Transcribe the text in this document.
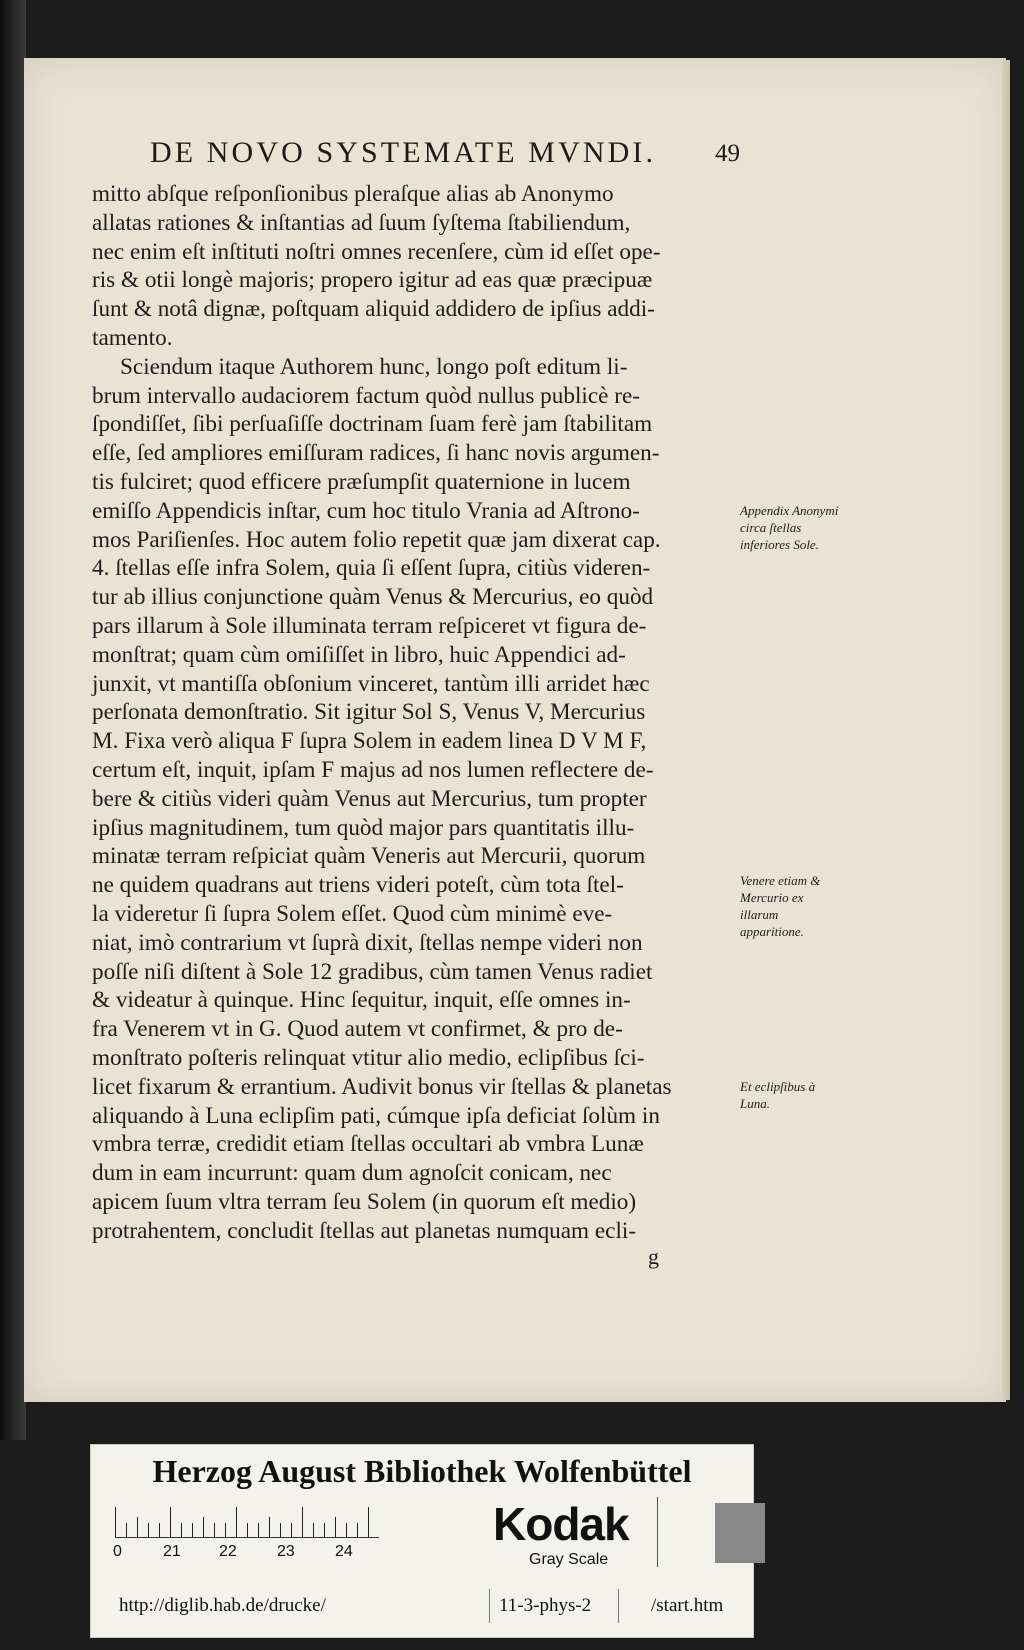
DE NOVO SYSTEMATE MVNDI. 49
mitto abſque reſponſionibus pleraſque alias ab Anonymo
allatas rationes & inſtantias ad ſuum ſyſtema ſtabiliendum,
nec enim eſt inſtituti noſtri omnes recenſere, cùm id eſſet ope-
ris & otii longè majoris; propero igitur ad eas quæ præcipuæ
ſunt & notâ dignæ, poſtquam aliquid addidero de ipſius addi-
tamento.
Sciendum itaque Authorem hunc, longo poſt editum li-
brum intervallo audaciorem factum quòd nullus publicè re-
ſpondiſſet, ſibi perſuaſiſſe doctrinam ſuam ferè jam ſtabilitam
eſſe, ſed ampliores emiſſuram radices, ſi hanc novis argumen-
tis fulciret; quod efficere præſumpſit quaternione in lucem
emiſſo Appendicis inſtar, cum hoc titulo Vrania ad Aſtrono-
mos Pariſienſes. Hoc autem folio repetit quæ jam dixerat cap.
4. ſtellas eſſe infra Solem, quia ſi eſſent ſupra, citiùs videren-
tur ab illius conjunctione quàm Venus & Mercurius, eo quòd
pars illarum à Sole illuminata terram reſpiceret vt figura de-
monſtrat; quam cùm omiſiſſet in libro, huic Appendici ad-
junxit, vt mantiſſa obſonium vinceret, tantùm illi arridet hæc
perſonata demonſtratio. Sit igitur Sol S, Venus V, Mercurius
M. Fixa verò aliqua F ſupra Solem in eadem linea D V M F,
certum eſt, inquit, ipſam F majus ad nos lumen reflectere de-
bere & citiùs videri quàm Venus aut Mercurius, tum propter
ipſius magnitudinem, tum quòd major pars quantitatis illu-
minatæ terram reſpiciat quàm Veneris aut Mercurii, quorum
ne quidem quadrans aut triens videri poteſt, cùm tota ſtel-
la videretur ſi ſupra Solem eſſet. Quod cùm minimè eve-
niat, imò contrarium vt ſuprà dixit, ſtellas nempe videri non
poſſe niſi diſtent à Sole 12 gradibus, cùm tamen Venus radiet
& videatur à quinque. Hinc ſequitur, inquit, eſſe omnes in-
fra Venerem vt in G. Quod autem vt confirmet, & pro de-
monſtrato poſteris relinquat vtitur alio medio, eclipſibus ſci-
licet fixarum & errantium. Audivit bonus vir ſtellas & planetas
aliquando à Luna eclipſim pati, cúmque ipſa deficiat ſolùm in
vmbra terræ, credidit etiam ſtellas occultari ab vmbra Lunæ
dum in eam incurrunt: quam dum agnoſcit conicam, nec
apicem ſuum vltra terram ſeu Solem (in quorum eſt medio)
protrahentem, concludit ſtellas aut planetas numquam ecli-
g
Appendix Anonymi circa ſtellas inferiores Sole.
Venere etiam & Mercurio ex illarum apparitione.
Et eclipſibus à Luna.
Herzog August Bibliothek Wolfenbüttel
0	21 22	23	24
Kodak
Gray Scale
http://diglib.hab.de/drucke/	11-3-phys-2	/start.htm
